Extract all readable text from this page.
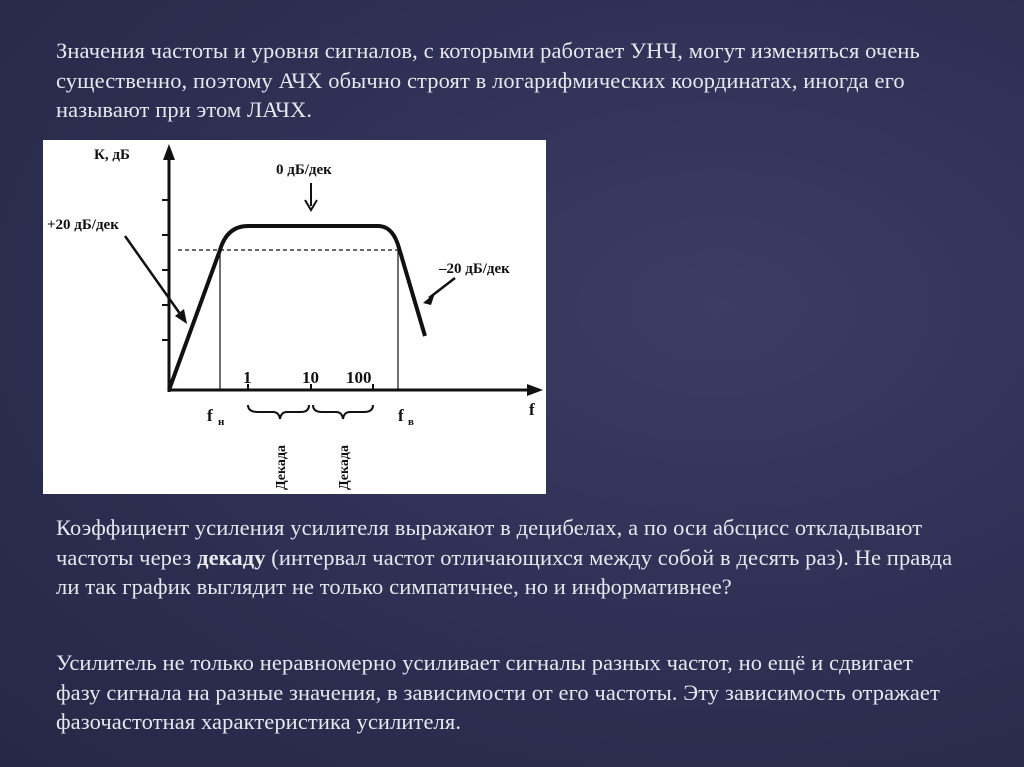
Значения частоты и уровня сигналов, с которыми работает УНЧ, могут изменяться очень существенно, поэтому АЧХ обычно строят в логарифмических координатах, иногда его называют при этом ЛАЧХ.

К, дБ
0 дБ/дек
+20 дБ/дек
–20 дБ/дек
1	10 100
f
f н	f в
Декада	Декада

Коэффициент усиления усилителя выражают в децибелах, а по оси абсцисс откладывают частоты через декаду (интервал частот отличающихся между собой в десять раз). Не правда ли так график выглядит не только симпатичнее, но и информативнее?

Усилитель не только неравномерно усиливает сигналы разных частот, но ещё и сдвигает фазу сигнала на разные значения, в зависимости от его частоты. Эту зависимость отражает фазочастотная характеристика усилителя.
